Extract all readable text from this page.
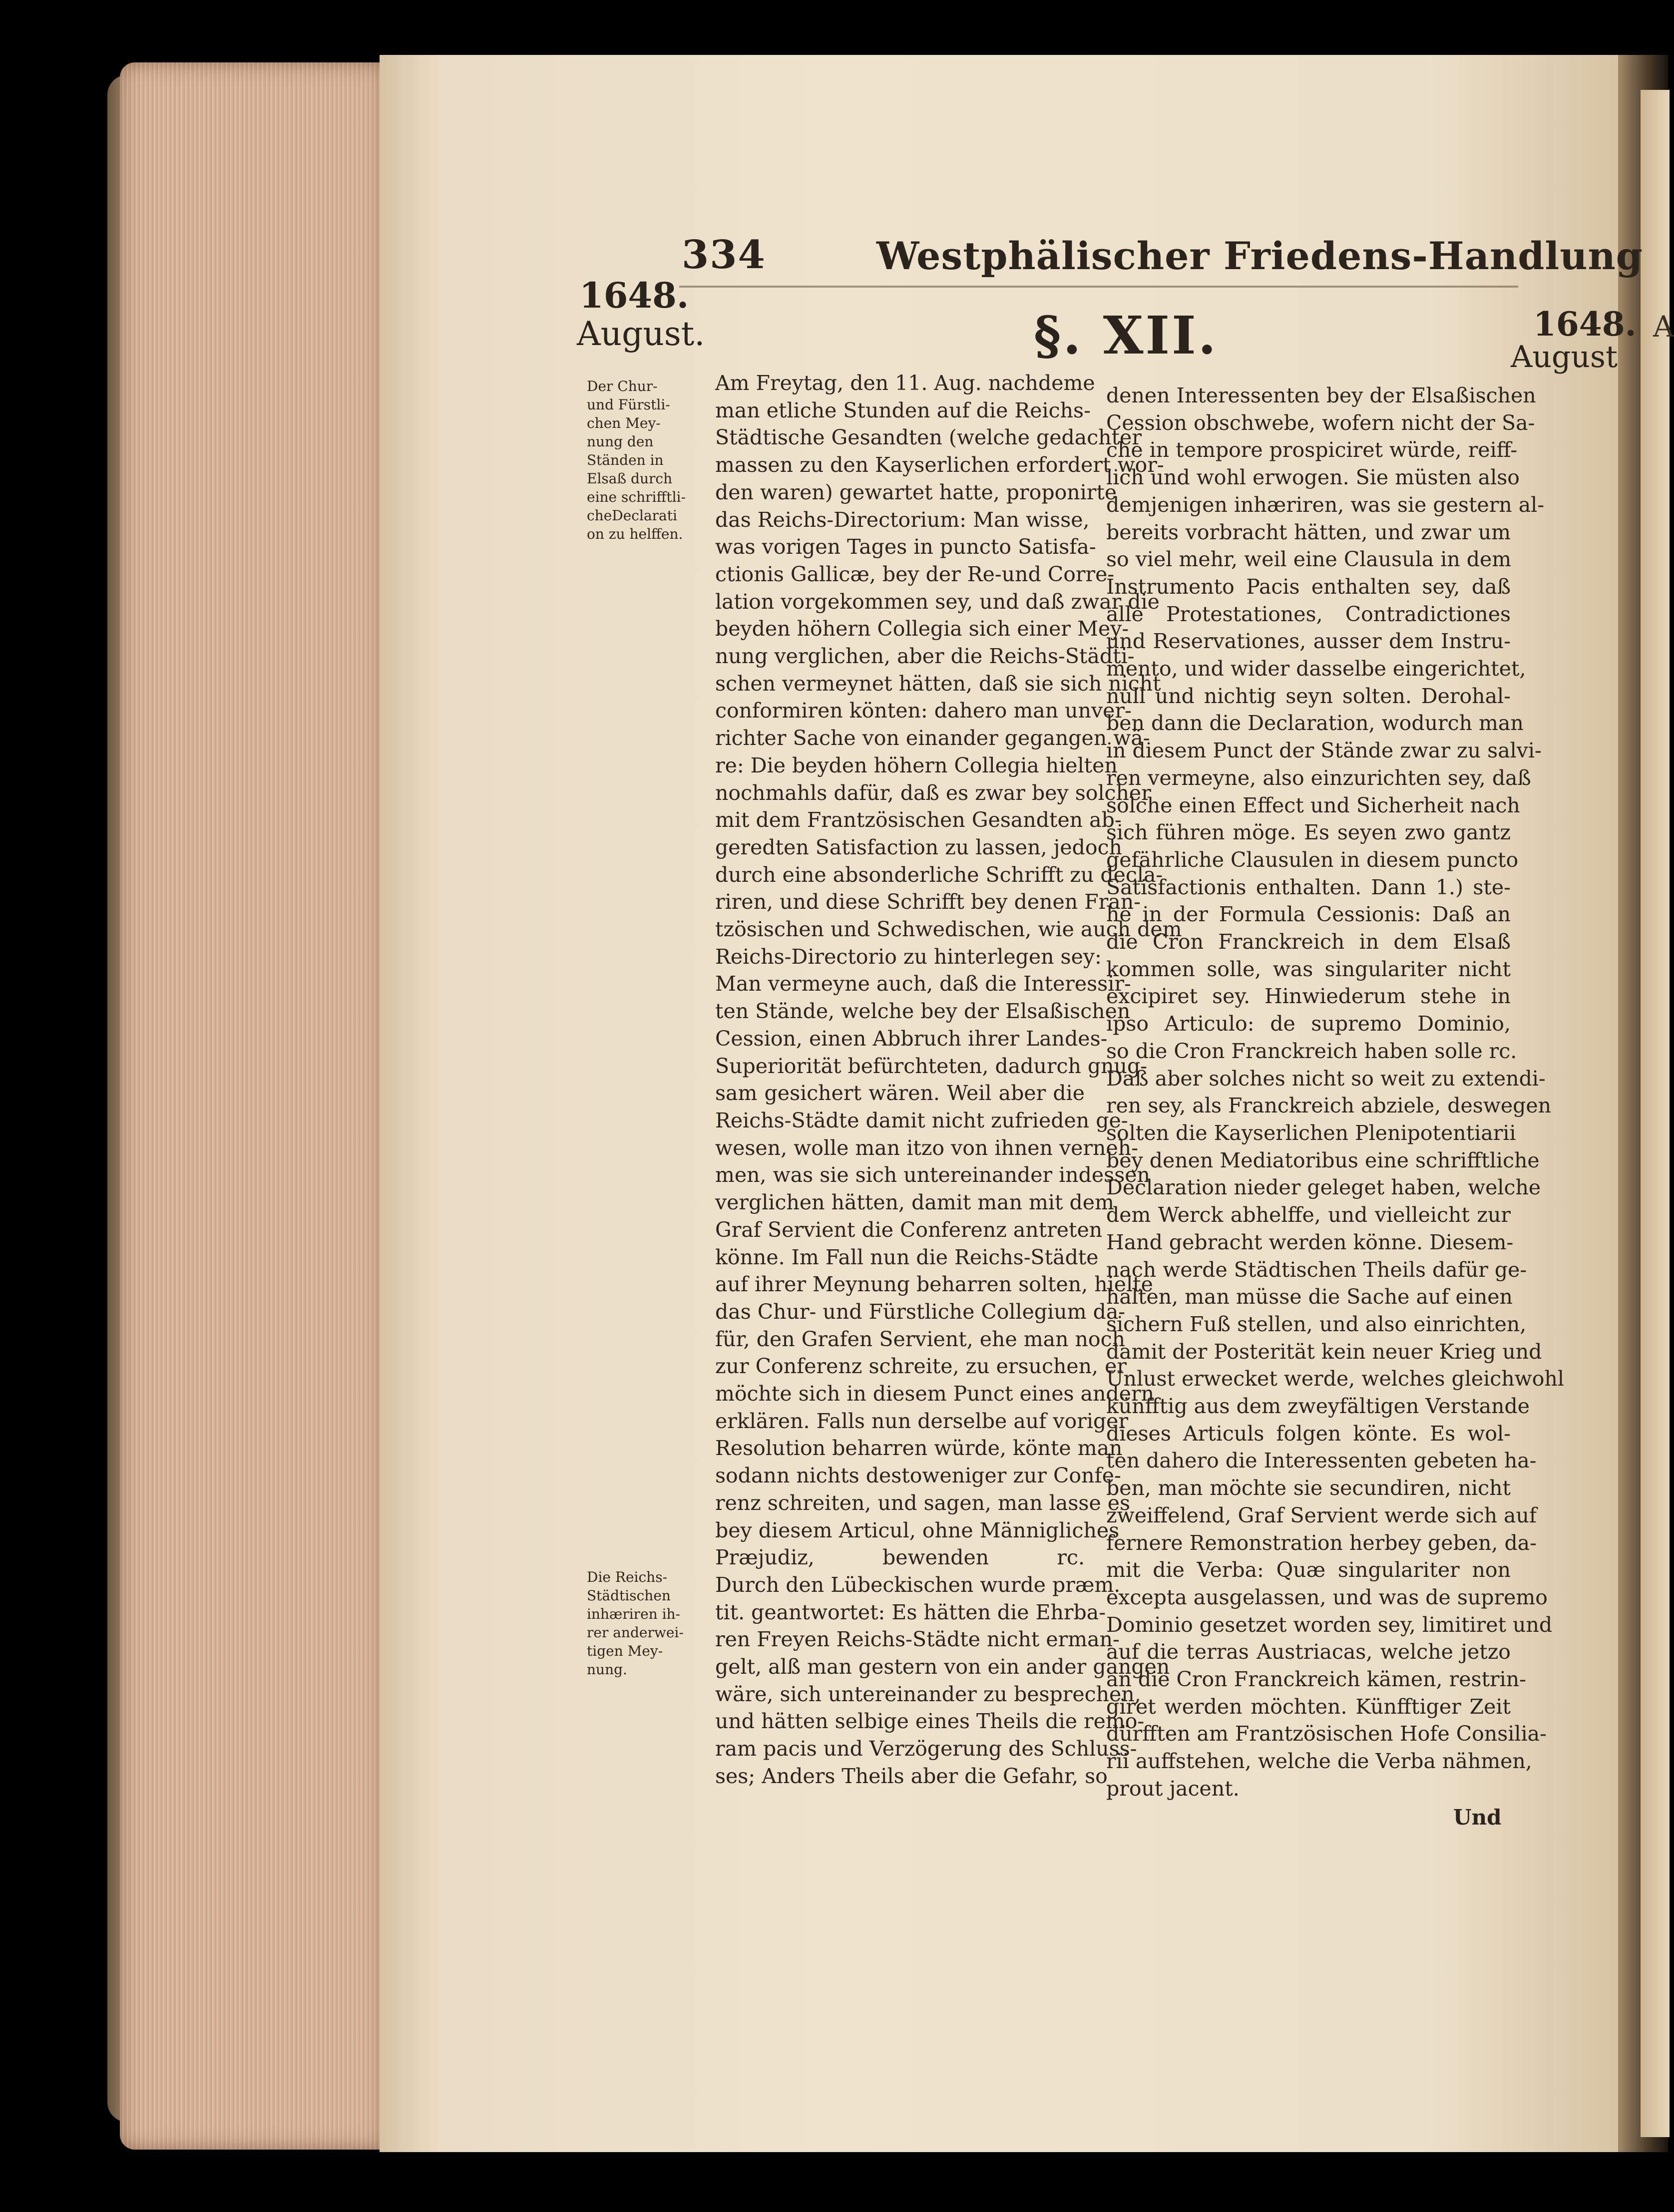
A
334	Westphälischer Friedens-Handlung
1648.
August.	1648.
August
§. XII.
Der Chur-
und Fürstli-
chen Mey-
nung den
Ständen in
Elsaß durch
eine schrifftli-
cheDeclarati
on zu helffen.
Die Reichs-
Städtischen
inhæriren ih-
rer anderwei-
tigen Mey-
nung.
Am Freytag, den 11. Aug. nachdeme
man etliche Stunden auf die Reichs-
Städtische Gesandten (welche gedachter
massen zu den Kayserlichen erfordert wor-
den waren) gewartet hatte, proponirte
das Reichs-Directorium: Man wisse,
was vorigen Tages in puncto Satisfa-
ctionis Gallicæ, bey der Re-und Corre-
lation vorgekommen sey, und daß zwar die
beyden höhern Collegia sich einer Mey-
nung verglichen, aber die Reichs-Städti-
schen vermeynet hätten, daß sie sich nicht
conformiren könten: dahero man unver-
richter Sache von einander gegangen wä-
re: Die beyden höhern Collegia hielten
nochmahls dafür, daß es zwar bey solcher
mit dem Frantzösischen Gesandten ab-
geredten Satisfaction zu lassen, jedoch
durch eine absonderliche Schrifft zu decla-
riren, und diese Schrifft bey denen Fran-
tzösischen und Schwedischen, wie auch dem
Reichs-Directorio zu hinterlegen sey:
Man vermeyne auch, daß die Interessir-
ten Stände, welche bey der Elsaßischen
Cession, einen Abbruch ihrer Landes-
Superiorität befürchteten, dadurch gnug-
sam gesichert wären. Weil aber die
Reichs-Städte damit nicht zufrieden ge-
wesen, wolle man itzo von ihnen verneh-
men, was sie sich untereinander indessen
verglichen hätten, damit man mit dem
Graf Servient die Conferenz antreten
könne. Im Fall nun die Reichs-Städte
auf ihrer Meynung beharren solten, hielte
das Chur- und Fürstliche Collegium da-
für, den Grafen Servient, ehe man noch
zur Conferenz schreite, zu ersuchen, er
möchte sich in diesem Punct eines andern
erklären. Falls nun derselbe auf voriger
Resolution beharren würde, könte man
sodann nichts destoweniger zur Confe-
renz schreiten, und sagen, man lasse es
bey diesem Articul, ohne Männigliches
Præjudiz, bewenden rc.
Durch den Lübeckischen wurde præm.
tit. geantwortet: Es hätten die Ehrba-
ren Freyen Reichs-Städte nicht erman-
gelt, alß man gestern von ein ander gangen
wäre, sich untereinander zu besprechen,
und hätten selbige eines Theils die remo-
ram pacis und Verzögerung des Schluss-
ses; Anders Theils aber die Gefahr, so
denen Interessenten bey der Elsaßischen
Cession obschwebe, wofern nicht der Sa-
che in tempore prospiciret würde, reiff-
lich und wohl erwogen. Sie müsten also
demjenigen inhæriren, was sie gestern al-
bereits vorbracht hätten, und zwar um
so viel mehr, weil eine Clausula in dem
Instrumento Pacis enthalten sey, daß
alle Protestationes, Contradictiones
und Reservationes, ausser dem Instru-
mento, und wider dasselbe eingerichtet,
null und nichtig seyn solten. Derohal-
ben dann die Declaration, wodurch man
in diesem Punct der Stände zwar zu salvi-
ren vermeyne, also einzurichten sey, daß
solche einen Effect und Sicherheit nach
sich führen möge. Es seyen zwo gantz
gefährliche Clausulen in diesem puncto
Satisfactionis enthalten. Dann 1.) ste-
he in der Formula Cessionis: Daß an
die Cron Franckreich in dem Elsaß
kommen solle, was singulariter nicht
excipiret sey. Hinwiederum stehe in
ipso Articulo: de supremo Dominio,
so die Cron Franckreich haben solle rc.
Daß aber solches nicht so weit zu extendi-
ren sey, als Franckreich abziele, deswegen
solten die Kayserlichen Plenipotentiarii
bey denen Mediatoribus eine schrifftliche
Declaration nieder geleget haben, welche
dem Werck abhelffe, und vielleicht zur
Hand gebracht werden könne. Diesem-
nach werde Städtischen Theils dafür ge-
halten, man müsse die Sache auf einen
sichern Fuß stellen, und also einrichten,
damit der Posterität kein neuer Krieg und
Unlust erwecket werde, welches gleichwohl
künfftig aus dem zweyfältigen Verstande
dieses Articuls folgen könte. Es wol-
ten dahero die Interessenten gebeten ha-
ben, man möchte sie secundiren, nicht
zweiffelend, Graf Servient werde sich auf
fernere Remonstration herbey geben, da-
mit die Verba: Quæ singulariter non
excepta ausgelassen, und was de supremo
Dominio gesetzet worden sey, limitiret und
auf die terras Austriacas, welche jetzo
an die Cron Franckreich kämen, restrin-
giret werden möchten. Künfftiger Zeit
dürfften am Frantzösischen Hofe Consilia-
rii auffstehen, welche die Verba nähmen,
prout jacent.
Und
